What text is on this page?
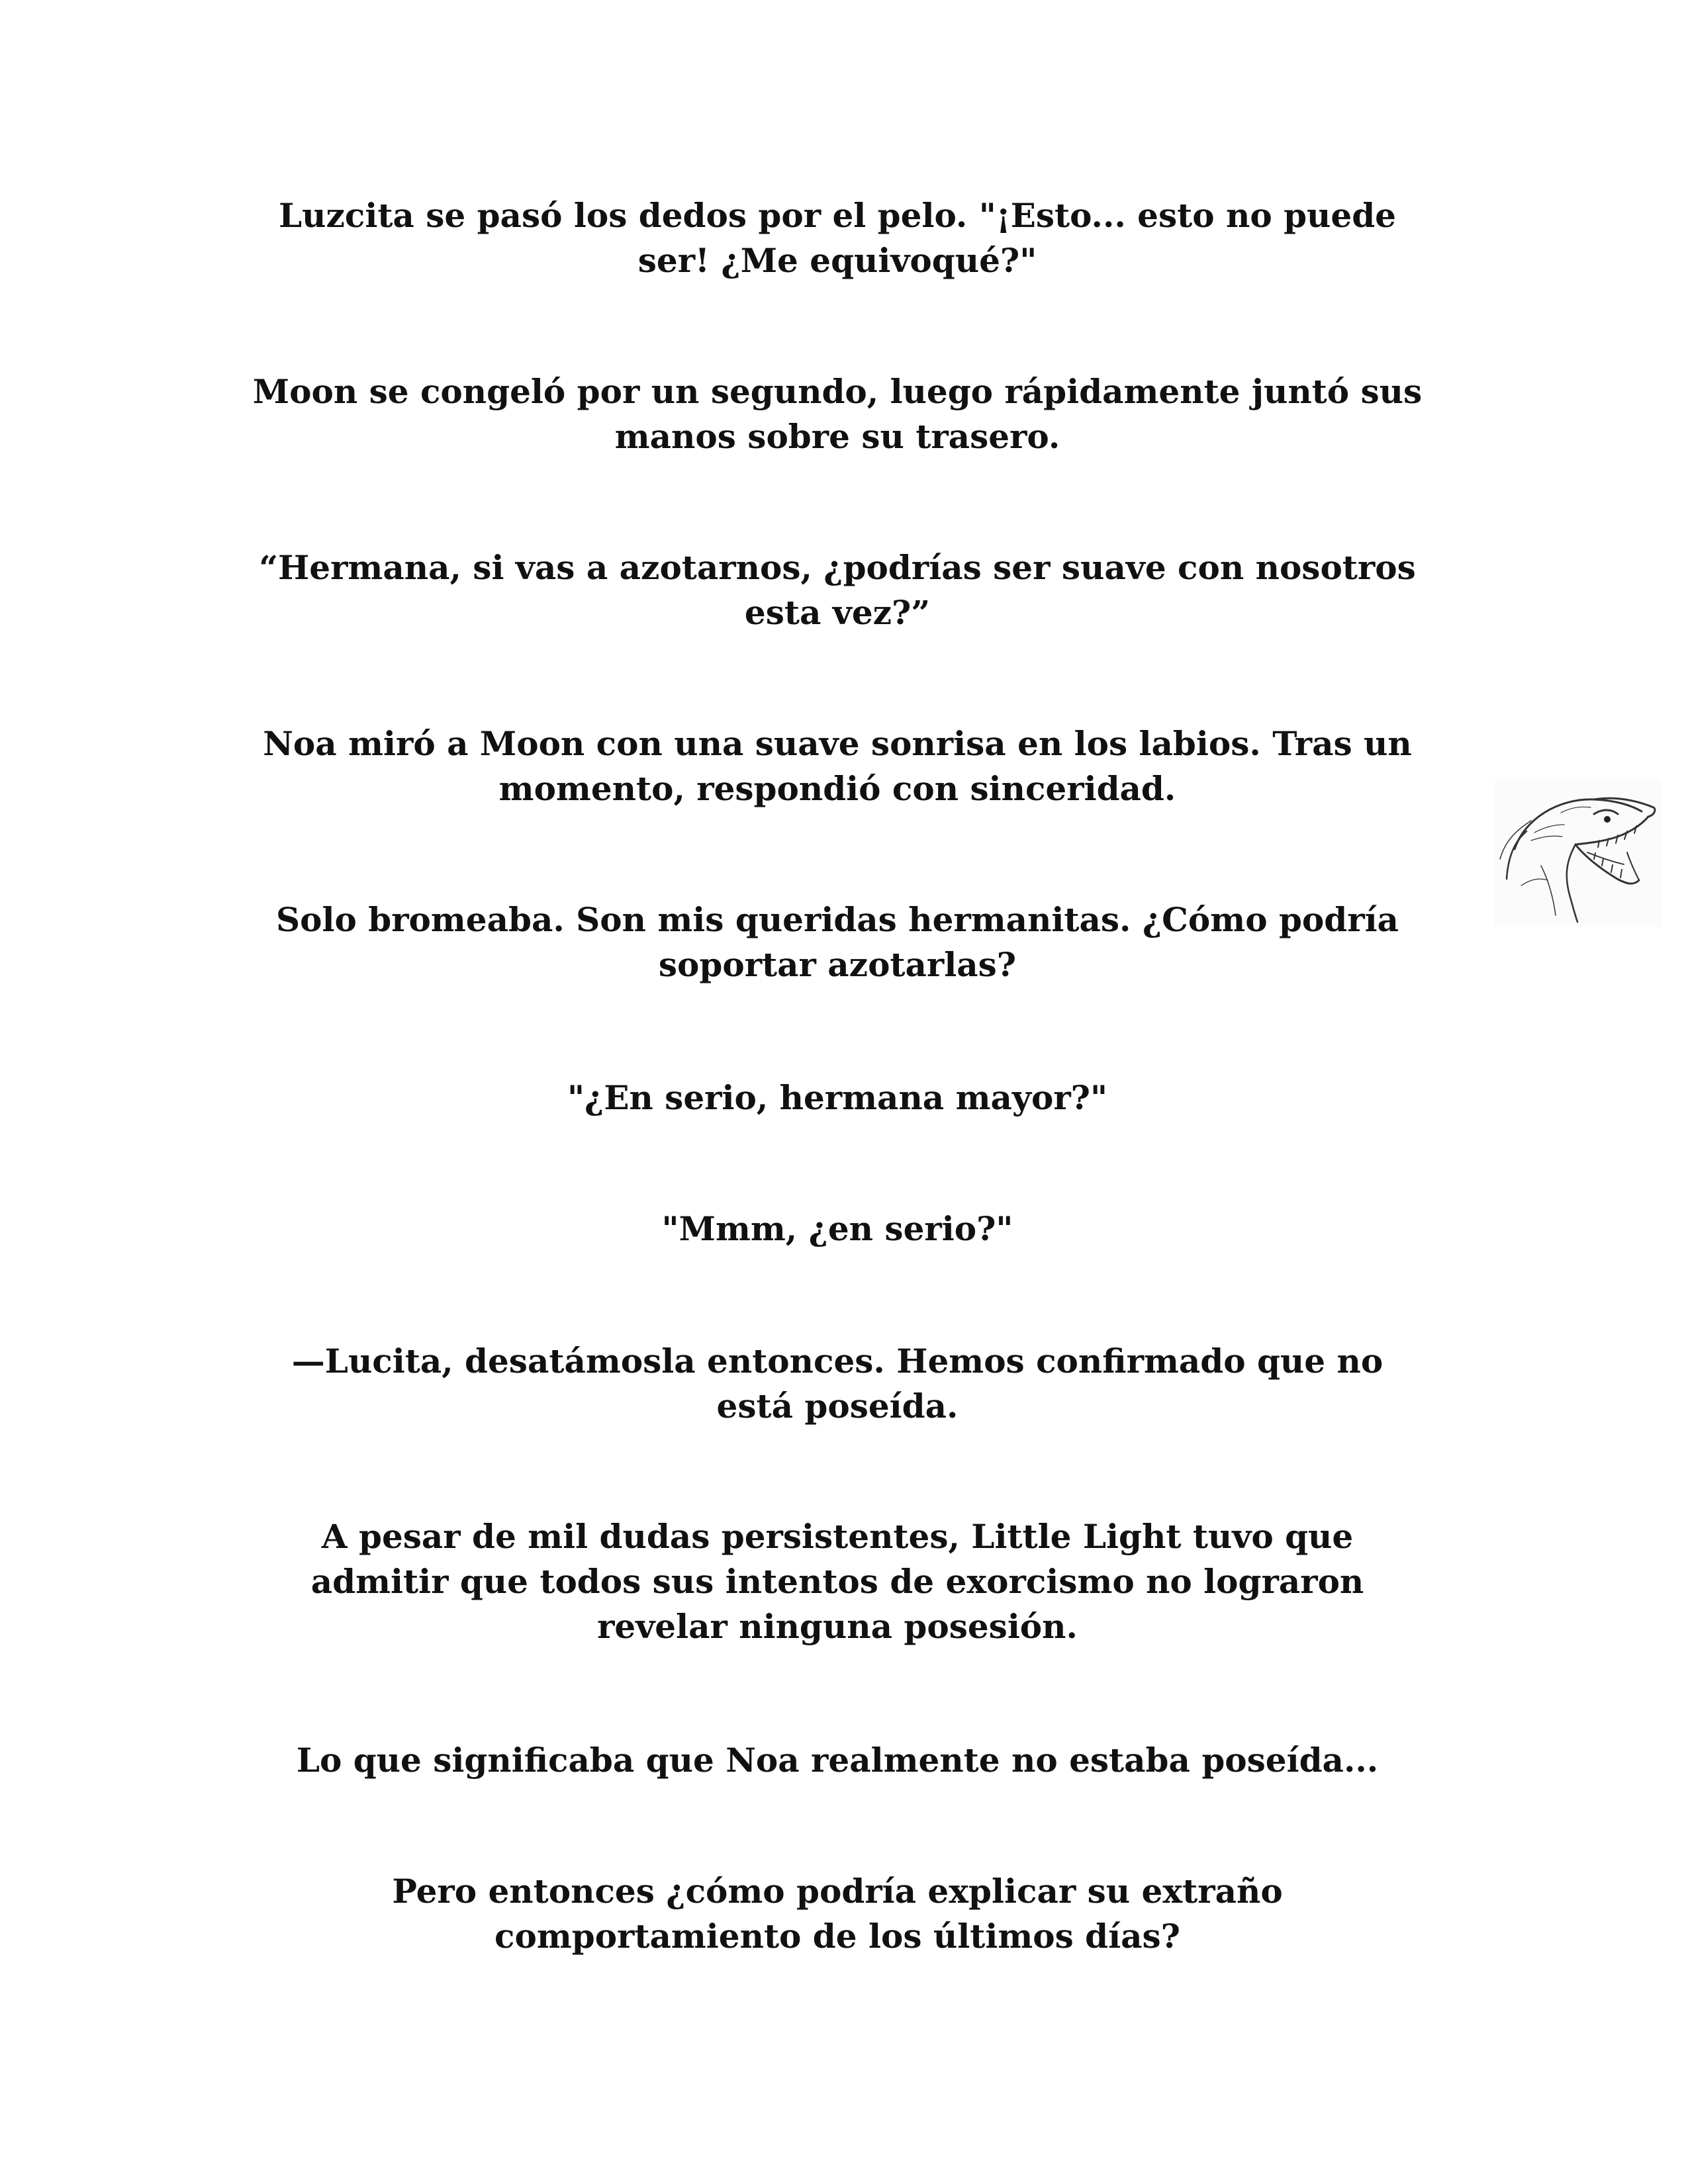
Luzcita se pasó los dedos por el pelo. "¡Esto... esto no puede
ser! ¿Me equivoqué?"

Moon se congeló por un segundo, luego rápidamente juntó sus
manos sobre su trasero.

“Hermana, si vas a azotarnos, ¿podrías ser suave con nosotros
esta vez?”

Noa miró a Moon con una suave sonrisa en los labios. Tras un
momento, respondió con sinceridad.

Solo bromeaba. Son mis queridas hermanitas. ¿Cómo podría
soportar azotarlas?

"¿En serio, hermana mayor?"

"Mmm, ¿en serio?"

—Lucita, desatámosla entonces. Hemos confirmado que no
está poseída.

A pesar de mil dudas persistentes, Little Light tuvo que
admitir que todos sus intentos de exorcismo no lograron
revelar ninguna posesión.

Lo que significaba que Noa realmente no estaba poseída...

Pero entonces ¿cómo podría explicar su extraño
comportamiento de los últimos días?
